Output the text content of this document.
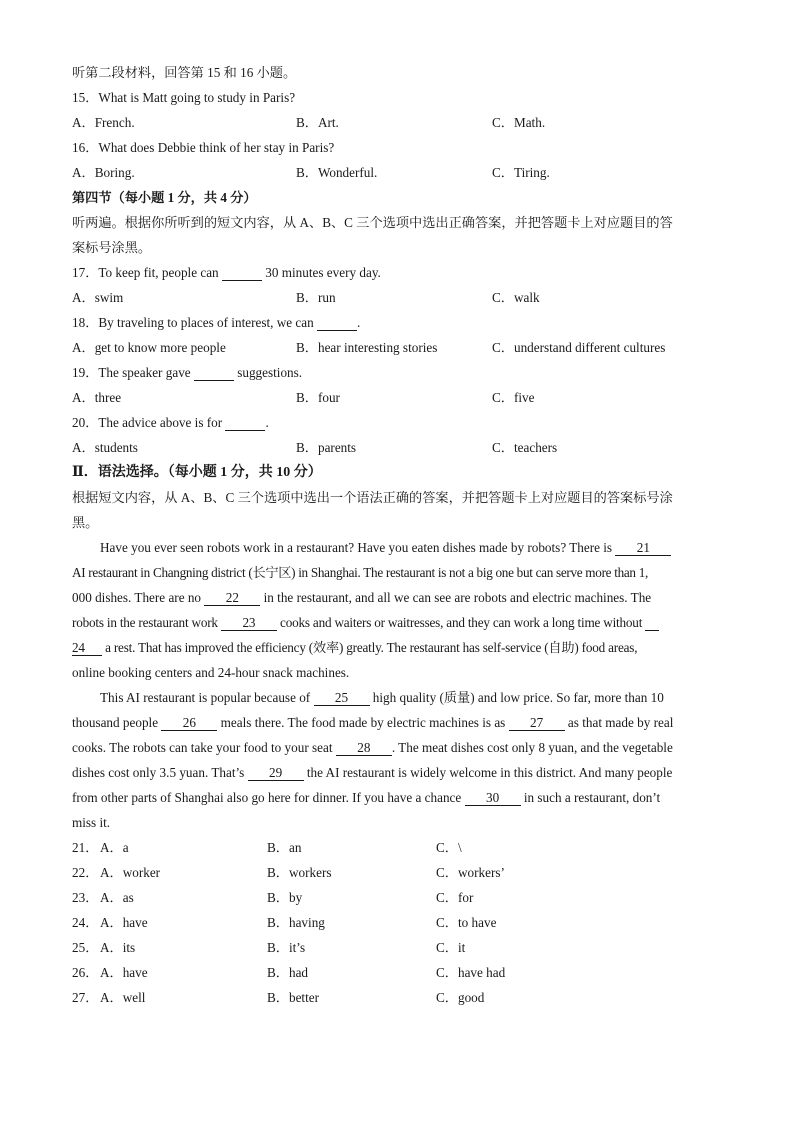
听第二段材料，回答第 15 和 16 小题。
15．What is Matt going to study in Paris?
A．French.	B．Art.	C．Math.
16．What does Debbie think of her stay in Paris?
A．Boring.	B．Wonderful.	C．Tiring.
第四节（每小题 1 分，共 4 分）
听两遍。根据你所听到的短文内容，从 A、B、C 三个选项中选出正确答案，并把答题卡上对应题目的答
案标号涂黑。
17．To keep fit, people can	30 minutes every day.
A．swim	B．run	C．walk
18．By traveling to places of interest, we can	.
A．get to know more people	B．hear interesting stories	C．understand different cultures
19．The speaker gave	suggestions.
A．three	B．four	C．five
20．The advice above is for	.
A．students	B．parents	C．teachers
Ⅱ．语法选择。（每小题 1 分，共 10 分）
根据短文内容，从 A、B、C 三个选项中选出一个语法正确的答案，并把答题卡上对应题目的答案标号涂
黑。
Have you ever seen robots work in a restaurant? Have you eaten dishes made by robots? There is 21
AI restaurant in Changning district (长宁区) in Shanghai. The restaurant is not a big one but can serve more than 1,
000 dishes. There are no 22 in the restaurant, and all we can see are robots and electric machines. The
robots in the restaurant work 23 cooks and waiters or waitresses, and they can work a long time without
24 a rest. That has improved the efficiency (效率) greatly. The restaurant has self-service (自助) food areas,
online booking centers and 24-hour snack machines.
This AI restaurant is popular because of 25 high quality (质量) and low price. So far, more than 10
thousand people 26 meals there. The food made by electric machines is as 27 as that made by real
cooks. The robots can take your food to your seat 28 . The meat dishes cost only 8 yuan, and the vegetable
dishes cost only 3.5 yuan. That’s 29 the AI restaurant is widely welcome in this district. And many people
from other parts of Shanghai also go here for dinner. If you have a chance 30 in such a restaurant, don’t
miss it.
21． A．a	B．an	C．\
22． A．worker	B．workers	C．workers’
23． A．as	B．by	C．for
24． A．have	B．having	C．to have
25． A．its	B．it’s	C．it
26． A．have	B．had	C．have had
27． A．well	B．better	C．good
